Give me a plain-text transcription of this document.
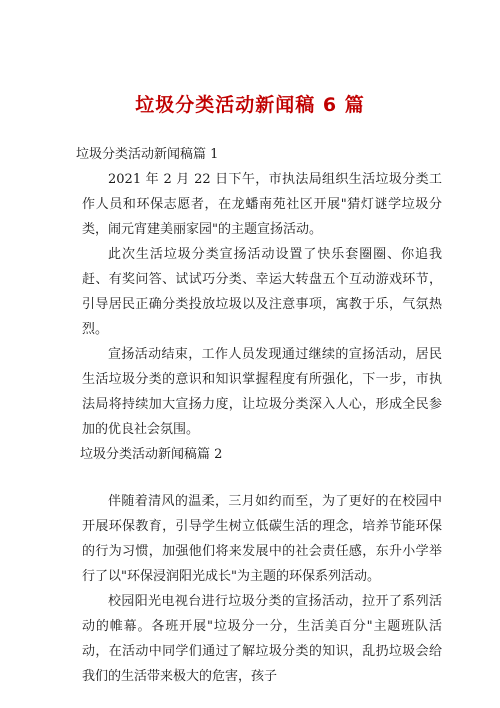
垃圾分类活动新闻稿 6 篇

垃圾分类活动新闻稿篇 1

2021 年 2 月 22 日下午，市执法局组织生活垃圾分类工作人员和环保志愿者，在龙蟠南苑社区开展"猜灯谜学垃圾分类，闹元宵建美丽家园"的主题宣扬活动。

此次生活垃圾分类宣扬活动设置了快乐套圈圈、你追我赶、有奖问答、试试巧分类、幸运大转盘五个互动游戏环节，引导居民正确分类投放垃圾以及注意事项，寓教于乐，气氛热烈。

宣扬活动结束，工作人员发现通过继续的宣扬活动，居民生活垃圾分类的意识和知识掌握程度有所强化，下一步，市执法局将持续加大宣扬力度，让垃圾分类深入人心，形成全民参加的优良社会氛围。

垃圾分类活动新闻稿篇 2

伴随着清风的温柔，三月如约而至，为了更好的在校园中开展环保教育，引导学生树立低碳生活的理念，培养节能环保的行为习惯，加强他们将来发展中的社会责任感，东升小学举行了以"环保浸润阳光成长"为主题的环保系列活动。

校园阳光电视台进行垃圾分类的宣扬活动，拉开了系列活动的帷幕。各班开展"垃圾分一分，生活美百分"主题班队活动，在活动中同学们通过了解垃圾分类的知识，乱扔垃圾会给我们的生活带来极大的危害，孩子
